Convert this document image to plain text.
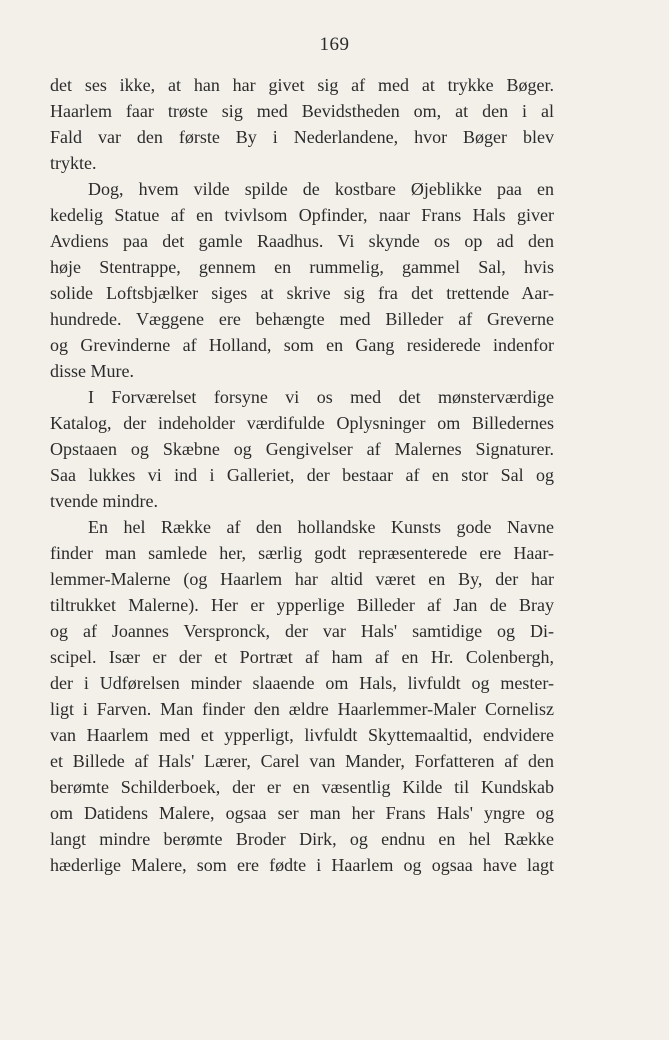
169
det ses ikke, at han har givet sig af med at trykke Bøger.
Haarlem faar trøste sig med Bevidstheden om, at den i al
Fald var den første By i Nederlandene, hvor Bøger blev
trykte.
Dog, hvem vilde spilde de kostbare Øjeblikke paa en
kedelig Statue af en tvivlsom Opfinder, naar Frans Hals giver
Avdiens paa det gamle Raadhus. Vi skynde os op ad den
høje Stentrappe, gennem en rummelig, gammel Sal, hvis
solide Loftsbjælker siges at skrive sig fra det trettende Aar-
hundrede. Væggene ere behængte med Billeder af Greverne
og Grevinderne af Holland, som en Gang residerede indenfor
disse Mure.
I Forværelset forsyne vi os med det mønsterværdige
Katalog, der indeholder værdifulde Oplysninger om Billedernes
Opstaaen og Skæbne og Gengivelser af Malernes Signaturer.
Saa lukkes vi ind i Galleriet, der bestaar af en stor Sal og
tvende mindre.
En hel Række af den hollandske Kunsts gode Navne
finder man samlede her, særlig godt repræsenterede ere Haar-
lemmer-Malerne (og Haarlem har altid været en By, der har
tiltrukket Malerne). Her er ypperlige Billeder af Jan de Bray
og af Joannes Verspronck, der var Hals' samtidige og Di-
scipel. Især er der et Portræt af ham af en Hr. Colenbergh,
der i Udførelsen minder slaaende om Hals, livfuldt og mester-
ligt i Farven. Man finder den ældre Haarlemmer-Maler Cornelisz
van Haarlem med et ypperligt, livfuldt Skyttemaaltid, endvidere
et Billede af Hals' Lærer, Carel van Mander, Forfatteren af den
berømte Schilderboek, der er en væsentlig Kilde til Kundskab
om Datidens Malere, ogsaa ser man her Frans Hals' yngre og
langt mindre berømte Broder Dirk, og endnu en hel Række
hæderlige Malere, som ere fødte i Haarlem og ogsaa have lagt
